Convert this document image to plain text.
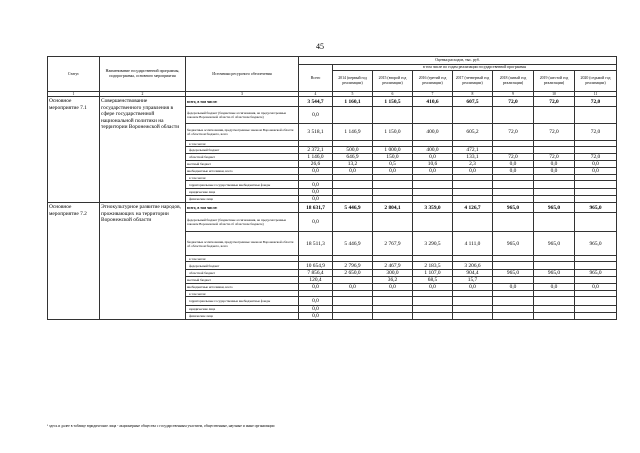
45
Статус	Наименование государственной программы, подпрограммы, основного мероприятия	Источники ресурсного обеспечения	Оценка расходов, тыс. руб.							
			Всего	в том числе по годам реализации государственной программы						
				2014 (первый год реализации)	2015 (второй год реализации)	2016 (третий год реализации)	2017 (четвертый год реализации)	2018 (пятый год реализации)	2019 (шестой год реализации)	2020 (седьмой год реализации)
1	2	3	4	5	6	7	8	9	10	11
Основное мероприятие 7.1	Совершенствование государственного управления в сфере государственной национальной политики на территории Воронежской области	всего, в том числе:	3 544,7	1 160,1	1 150,5	410,6	607,5	72,0	72,0	72,0
		федеральный бюджет (бюджетные ассигнования, не предусмотренные законом Воронежской области об областном бюджете)	0,0							
		бюджетные ассигнования, предусмотренные законом Воронежской области об областном бюджете, всего	3 518,1	1 146,9	1 150,0	400,0	605,2	72,0	72,0	72,0
		в том числе:								
		федеральный бюджет	2 372,1	500,0	1 000,0	400,0	472,1			
		областной бюджет	1 146,0	646,9	150,0	0,0	133,1	72,0	72,0	72,0
		местный бюджет	26,6	13,2	0,5	10,6	2,3	0,0	0,0	0,0
		внебюджетные источники, всего	0,0	0,0	0,0	0,0	0,0	0,0	0,0	0,0
		в том числе:								
		территориальные государственные внебюджетные фонды	0,0							
		юридические лица	0,0							
		физические лица	0,0							
Основное мероприятие 7.2	Этнокультурное развитие народов, проживающих на территории Воронежской области	всего, в том числе:	18 631,7	5 446,9	2 804,1	3 359,0	4 126,7	965,0	965,0	965,0
		федеральный бюджет (бюджетные ассигнования, не предусмотренные законом Воронежской области об областном бюджете)	0,0							
		бюджетные ассигнования, предусмотренные законом Воронежской области об областном бюджете, всего	18 511,3	5 446,9	2 767,9	3 290,5	4 111,0	965,0	965,0	965,0
		в том числе:								
		федеральный бюджет	10 654,9	2 796,9	2 467,9	2 183,5	3 206,6			
		областной бюджет	7 856,4	2 650,0	300,0	1 107,0	904,4	965,0	965,0	965,0
		местный бюджет	120,4		36,2	68,5	15,7			
		внебюджетные источники, всего	0,0	0,0	0,0	0,0	0,0	0,0	0,0	0,0
		в том числе:								
		территориальные государственные внебюджетные фонды	0,0							
		юридические лица	0,0							
		физические лица	0,0							
¹ здесь и далее в таблице юридические лица - акционерные общества с государственным участием, общественные, научные и иные организации
